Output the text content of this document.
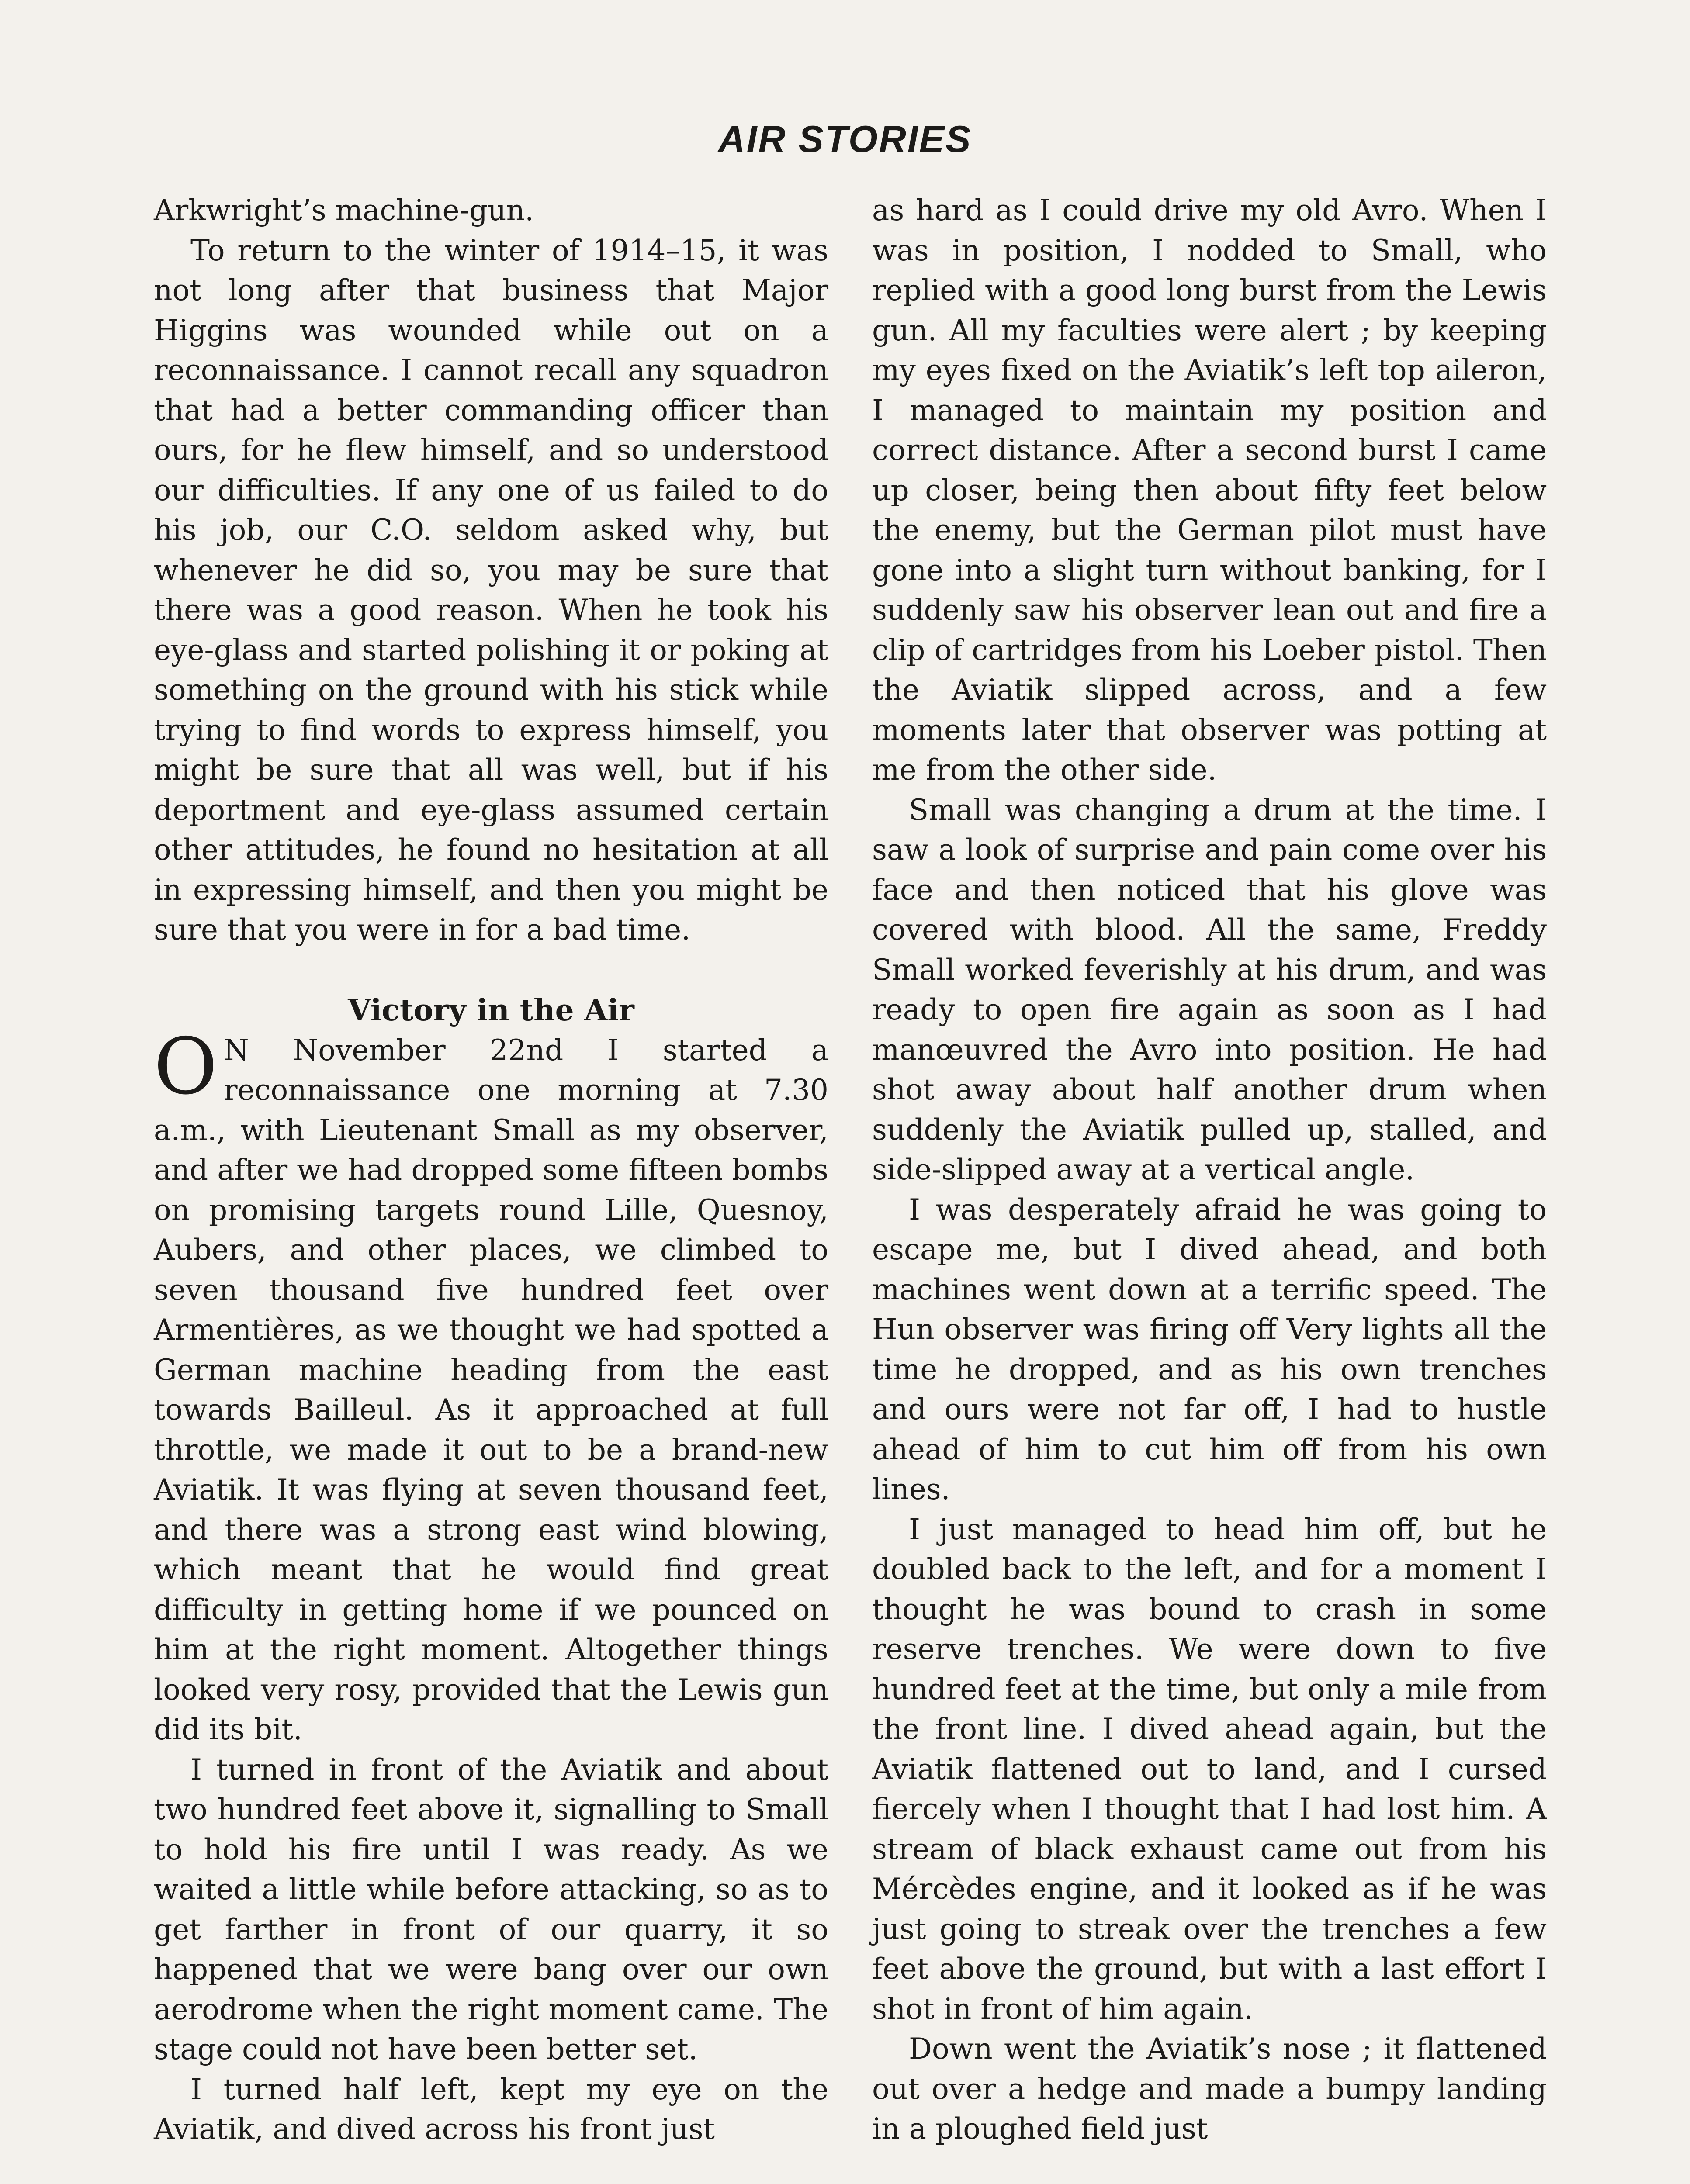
AIR STORIES

Arkwright’s machine-gun.

To return to the winter of 1914–15, it was not long after that business that Major Higgins was wounded while out on a reconnaissance. I cannot recall any squadron that had a better commanding officer than ours, for he flew himself, and so understood our difficulties. If any one of us failed to do his job, our C.O. seldom asked why, but whenever he did so, you may be sure that there was a good reason. When he took his eye-glass and started polishing it or poking at something on the ground with his stick while trying to find words to express himself, you might be sure that all was well, but if his deportment and eye-glass assumed certain other attitudes, he found no hesitation at all in expressing himself, and then you might be sure that you were in for a bad time.

Victory in the Air

O N November 22nd I started a reconnaissance one morning at 7.30 a.m., with Lieutenant Small as my observer, and after we had dropped some fifteen bombs on promising targets round Lille, Quesnoy, Aubers, and other places, we climbed to seven thousand five hundred feet over Armentières, as we thought we had spotted a German machine heading from the east towards Bailleul. As it approached at full throttle, we made it out to be a brand-new Aviatik. It was flying at seven thousand feet, and there was a strong east wind blowing, which meant that he would find great difficulty in getting home if we pounced on him at the right moment. Altogether things looked very rosy, provided that the Lewis gun did its bit.

I turned in front of the Aviatik and about two hundred feet above it, signalling to Small to hold his fire until I was ready. As we waited a little while before attacking, so as to get farther in front of our quarry, it so happened that we were bang over our own aerodrome when the right moment came. The stage could not have been better set.

I turned half left, kept my eye on the Aviatik, and dived across his front just

as hard as I could drive my old Avro. When I was in position, I nodded to Small, who replied with a good long burst from the Lewis gun. All my faculties were alert ; by keeping my eyes fixed on the Aviatik’s left top aileron, I managed to maintain my position and correct distance. After a second burst I came up closer, being then about fifty feet below the enemy, but the German pilot must have gone into a slight turn without banking, for I suddenly saw his observer lean out and fire a clip of cartridges from his Loeber pistol. Then the Aviatik slipped across, and a few moments later that observer was potting at me from the other side.

Small was changing a drum at the time. I saw a look of surprise and pain come over his face and then noticed that his glove was covered with blood. All the same, Freddy Small worked feverishly at his drum, and was ready to open fire again as soon as I had manœuvred the Avro into position. He had shot away about half another drum when suddenly the Aviatik pulled up, stalled, and side-slipped away at a vertical angle.

I was desperately afraid he was going to escape me, but I dived ahead, and both machines went down at a terrific speed. The Hun observer was firing off Very lights all the time he dropped, and as his own trenches and ours were not far off, I had to hustle ahead of him to cut him off from his own lines.

I just managed to head him off, but he doubled back to the left, and for a moment I thought he was bound to crash in some reserve trenches. We were down to five hundred feet at the time, but only a mile from the front line. I dived ahead again, but the Aviatik flattened out to land, and I cursed fiercely when I thought that I had lost him. A stream of black exhaust came out from his Mércèdes engine, and it looked as if he was just going to streak over the trenches a few feet above the ground, but with a last effort I shot in front of him again.

Down went the Aviatik’s nose ; it flattened out over a hedge and made a bumpy landing in a ploughed field just
